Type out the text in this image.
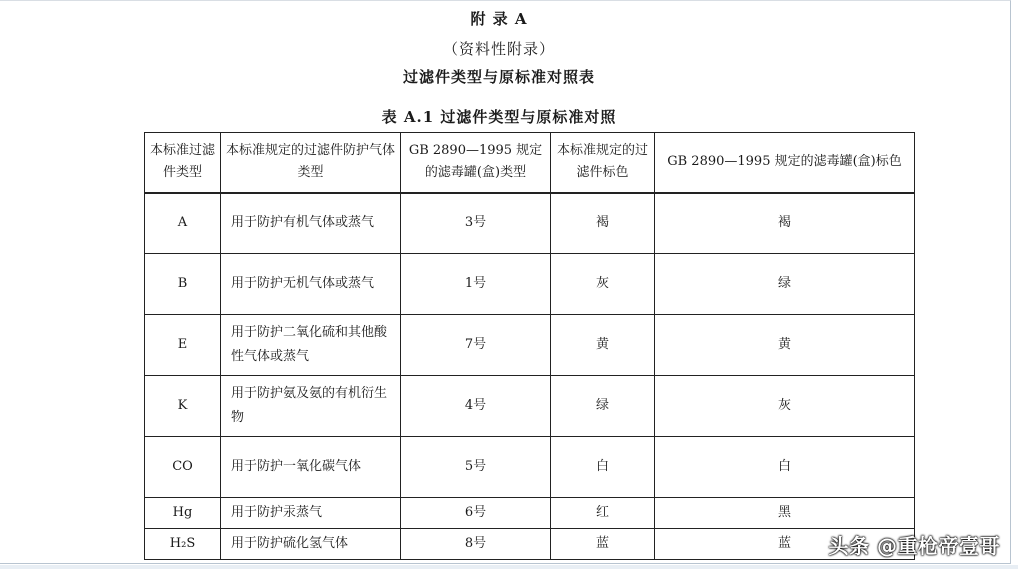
附 录 A
（资料性附录）
过滤件类型与原标准对照表
表 A.1 过滤件类型与原标准对照
本标准过滤件类型	本标准规定的过滤件防护气体类型	GB 2890—1995 规定的滤毒罐(盒)类型	本标准规定的过滤件标色	GB 2890—1995 规定的滤毒罐(盒)标色
A	用于防护有机气体或蒸气	3号	褐	褐
B	用于防护无机气体或蒸气	1号	灰	绿
E	用于防护二氧化硫和其他酸性气体或蒸气	7号	黄	黄
K	用于防护氨及氨的有机衍生物	4号	绿	灰
CO	用于防护一氧化碳气体	5号	白	白
Hg	用于防护汞蒸气	6号	红	黑
H₂S	用于防护硫化氢气体	8号	蓝	蓝 头条 @重枪帝壹哥
